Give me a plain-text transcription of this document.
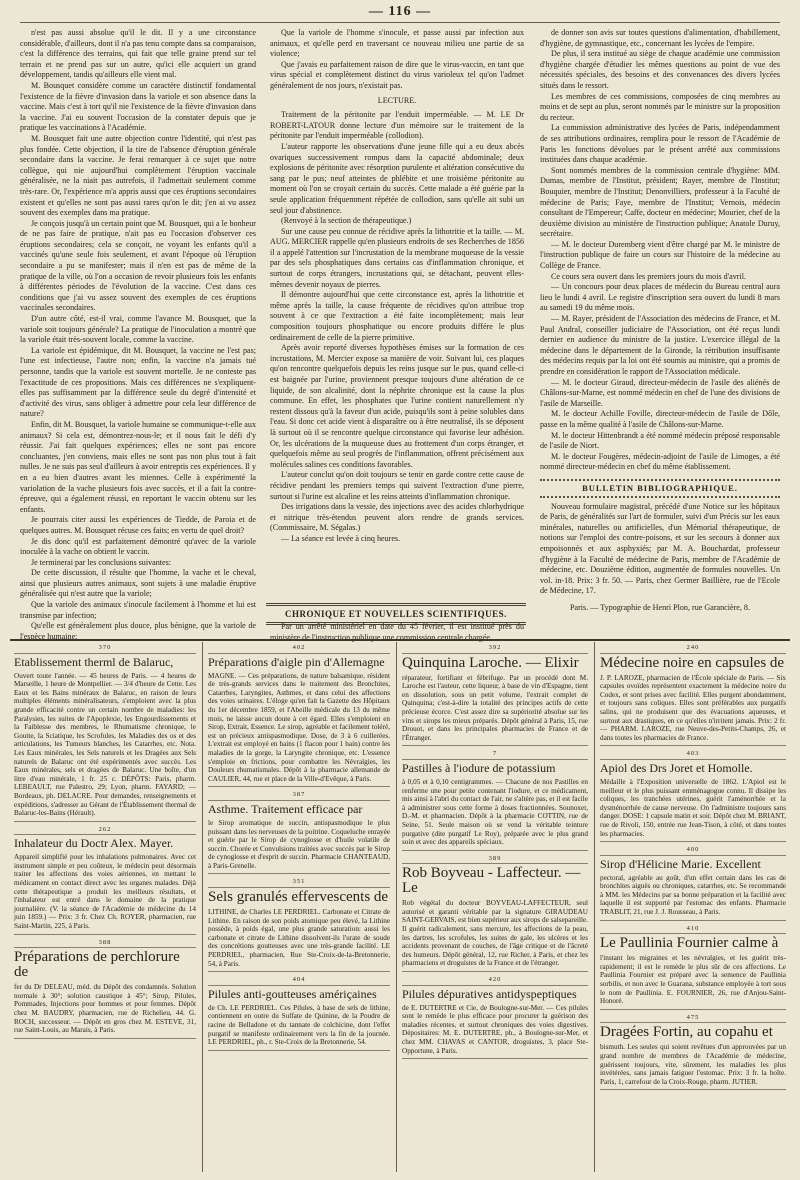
— 116 —

n'est pas aussi absolue qu'il le dit. Il y a une circonstance considérable, d'ailleurs, dont il n'a pas tenu compte dans sa comparaison, c'est la différence des terrains, qui fait que telle graine prend sur tel terrain et ne prend pas sur un autre, qu'ici elle acquiert un grand développement, tandis qu'ailleurs elle vient mal.

M. Bousquet considère comme un caractère distinctif fondamental l'existence de la fièvre d'invasion dans la variole et son absence dans la vaccine. Mais c'est à tort qu'il nie l'existence de la fièvre d'invasion dans la vaccine. J'ai eu souvent l'occasion de la constater depuis que je pratique les vaccinations à l'Académie.

M. Bousquet fait une autre objection contre l'identité, qui n'est pas plus fondée. Cette objection, il la tire de l'absence d'éruption générale secondaire dans la vaccine. Je ferai remarquer à ce sujet que notre collègue, qui nie aujourd'hui complètement l'éruption vaccinale généralisée, ne la niait pas autrefois, il l'admettait seulement comme très-rare. Or, l'expérience m'a appris aussi que ces éruptions secondaires existent et qu'elles ne sont pas aussi rares qu'on le dit; j'en ai vu assez souvent des exemples dans ma pratique.

Je conçois jusqu'à un certain point que M. Bousquet, qui a le bonheur de ne pas faire de pratique, n'ait pas eu l'occasion d'observer ces éruptions secondaires; cela se conçoit, ne voyant les enfants qu'il a vaccinés qu'une seule fois seulement, et avant l'époque où l'éruption secondaire a pu se manifester; mais il n'en est pas de même de la pratique de la ville, où l'on a occasion de revoir plusieurs fois les enfants à différentes périodes de l'évolution de la vaccine. C'est dans ces conditions que j'ai vu assez souvent des exemples de ces éruptions vaccinales secondaires.

D'un autre côté, est-il vrai, comme l'avance M. Bousquet, que la variole soit toujours générale? La pratique de l'inoculation a montré que la variole était très-souvent locale, comme la vaccine.

La variole est épidémique, dit M. Bousquet, la vaccine ne l'est pas; l'une est infectieuse, l'autre non; enfin, la vaccine n'a jamais tué personne, tandis que la variole est souvent mortelle. Je ne conteste pas l'exactitude de ces propositions. Mais ces différences ne s'expliquent-elles pas suffisamment par la différence seule du degré d'intensité et d'activité des virus, sans obliger à admettre pour cela leur différence de nature?

Enfin, dit M. Bousquet, la variole humaine se communique-t-elle aux animaux? Si cela est, démontrez-nous-le; et il nous fait le défi d'y réussir. J'ai fait quelques expériences; elles ne sont pas encore concluantes, j'en conviens, mais elles ne sont pas non plus tout à fait nulles. Je ne suis pas seul d'ailleurs à avoir entrepris ces expériences. Il y en a eu bien d'autres avant les miennes. Celle à expérimenté la variolation de la vache plusieurs fois avec succès, et il a fait la contre-épreuve, qui a également réussi, en reportant le vaccin obtenu sur les enfants.

Je pourrais citer aussi les expériences de Tiedde, de Paroia et de quelques autres. M. Bousquet récuse ces faits; en vertu de quel droit?

Je dis donc qu'il est parfaitement démontré qu'avec de la variole inoculée à la vache on obtient le vaccin.

Je terminerai par les conclusions suivantes:

De cette discussion, il résulte que l'homme, la vache et le cheval, ainsi que plusieurs autres animaux, sont sujets à une maladie éruptive généralisée qui n'est autre que la variole;

Que la variole des animaux s'inocule facilement à l'homme et lui est transmise par infection;

Qu'elle est généralement plus douce, plus bénigne, que la variole de l'espèce humaine;

Que la variole de l'homme s'inocule, et passe aussi par infection aux animaux, et qu'elle perd en traversant ce nouveau milieu une partie de sa violence;

Que j'avais eu parfaitement raison de dire que le virus-vaccin, en tant que virus spécial et complètement distinct du virus varioleux tel qu'on l'admet généralement de nos jours, n'existait pas.

LECTURE.

Traitement de la péritonite par l'enduit imperméable. — M. LE Dr ROBERT-LATOUR donne lecture d'un mémoire sur le traitement de la péritonite par l'enduit imperméable (collodion).

L'auteur rapporte les observations d'une jeune fille qui a eu deux abcès ovariques successivement rompus dans la capacité abdominale; deux explosions de péritonite avec résorption purulente et altération consécutive du sang par le pus; neuf atteintes de phlébite et une troisième péritonite au moment où l'on se croyait certain du succès. Cette malade a été guérie par la seule application fréquemment répétée de collodion, sans qu'elle ait subi un seul jour d'abstinence.

(Renvoyé à la section de thérapeutique.)

Sur une cause peu connue de récidive après la lithotritie et la taille. — M. AUG. MERCIER rappelle qu'en plusieurs endroits de ses Recherches de 1856 il a appelé l'attention sur l'incrustation de la membrane muqueuse de la vessie par des sels phosphatiques dans certains cas d'inflammation chronique, et surtout de corps étrangers, incrustations qui, se détachant, peuvent elles-mêmes devenir noyaux de pierres.

Il démontre aujourd'hui que cette circonstance est, après la lithotritie et même après la taille, la cause fréquente de récidives qu'on attribue trop souvent à ce que l'extraction a été faite incomplètement; mais leur composition toujours phosphatique ou encore produits différe le plus ordinairement de celle de la pierre primitive.

Après avoir reporté diverses hypothèses émises sur la formation de ces incrustations, M. Mercier expose sa manière de voir. Suivant lui, ces plaques qu'on rencontre quelquefois depuis les reins jusque sur le pus, quand celle-ci est baignée par l'urine, proviennent presque toujours d'une altération de ce liquide, de son alcalinité, dont la néphrite chronique est la cause la plus commune. En effet, les phosphates que l'urine contient naturellement n'y restent dissous qu'à la faveur d'un acide, puisqu'ils sont à peine solubles dans l'eau. Si donc cet acide vient à disparaître ou à être neutralisé, ils se déposent là surtout où il se rencontre quelque circonstance qui favorise leur adhésion. Or, les ulcérations de la muqueuse dues au frottement d'un corps étranger, et quelquefois même au seul progrès de l'inflammation, offrent précisément aux molécules salines ces conditions favorables.

L'auteur conclut qu'on doit toujours se tenir en garde contre cette cause de récidive pendant les premiers temps qui suivent l'extraction d'une pierre, surtout si l'urine est alcaline et les reins atteints d'inflammation chronique.

Des irrigations dans la vessie, des injections avec des acides chlorhydrique et nitrique très-étendus peuvent alors rendre de grands services. (Commissaire, M. Ségalas.)

— La séance est levée à cinq heures.

CHRONIQUE ET NOUVELLES SCIENTIFIQUES.

Par un arrêté ministériel en date du 45 février, il est institué près du ministère de l'instruction publique une commission centrale chargée

de donner son avis sur toutes questions d'alimentation, d'habillement, d'hygiène, de gymnastique, etc., concernant les lycées de l'empire.

De plus, il sera institué au siège de chaque académie une commission d'hygiène chargée d'étudier les mêmes questions au point de vue des nécessités spéciales, des besoins et des convenances des divers lycées situés dans le ressort.

Les membres de ces commissions, composées de cinq membres au moins et de sept au plus, seront nommés par le ministre sur la proposition du recteur.

La commission administrative des lycées de Paris, indépendamment de ses attributions ordinaires, remplira pour le ressort de l'Académie de Paris les fonctions dévolues par le présent arrêté aux commissions instituées dans chaque académie.

Sont nommés membres de la commission centrale d'hygiène: MM. Dumas, membre de l'Institut, président; Rayer, membre de l'Institut; Bouquier, membre de l'Institut; Denonvilliers, professeur à la Faculté de médecine de Paris; Faye, membre de l'Institut; Vernois, médecin consultant de l'Empereur; Caffe, docteur en médecine; Mourier, chef de la deuxième division au ministère de l'instruction publique; Anatole Duruy, secrétaire.

— M. le docteur Duremberg vient d'être chargé par M. le ministre de l'instruction publique de faire un cours sur l'histoire de la médecine au Collège de France.

Ce cours sera ouvert dans les premiers jours du mois d'avril.

— Un concours pour deux places de médecin du Bureau central aura lieu le lundi 4 avril. Le registre d'inscription sera ouvert du lundi 8 mars au samedi 19 du même mois.

— M. Rayer, président de l'Association des médecins de France, et M. Paul Andral, conseiller judiciaire de l'Association, ont été reçus lundi dernier en audience du ministre de la justice. L'exercice illégal de la médecine dans le département de la Gironde, la rétribution insuffisante des médecins requis par la loi ont été soumis au ministre, qui a promis de prendre en considération le rapport de l'Association médicale.

— M. le docteur Giraud, directeur-médecin de l'asile des aliénés de Châlons-sur-Marne, est nommé médecin en chef de l'une des divisions de l'asile de Marseille.

M. le docteur Achille Foville, directeur-médecin de l'asile de Dôle, passe en la même qualité à l'asile de Châlons-sur-Marne.

M. le docteur Hittenbrandt a été nommé médecin préposé responsable de l'asile de Niort.

M. le docteur Fougères, médecin-adjoint de l'asile de Limoges, a été nommé directeur-médecin en chef du même établissement.

BULLETIN BIBLIOGRAPHIQUE.

Nouveau formulaire magistral, précédé d'une Notice sur les hôpitaux de Paris, de généralités sur l'art de formuler, suivi d'un Précis sur les eaux minérales, naturelles ou artificielles, d'un Mémorial thérapeutique, de notions sur l'emploi des contre-poisons, et sur les secours à donner aux empoisonnés et aux asphyxiés; par M. A. Bouchardat, professeur d'hygiène à la Faculté de médecine de Paris, membre de l'Académie de médecine, etc. Douzième édition, augmentée de formules nouvelles. Un vol. in-18. Prix: 3 fr. 50. — Paris, chez Germer Baillière, rue de l'Ecole de Médecine, 17.

Paris. — Typographie de Henri Plon, rue Garancière, 8.

370
Etablissement therml de Balaruc,
Ouvert toute l'année. — 45 heures de Paris. — 4 heures de Marseille, 1 heure de Montpellier. — 3/4 d'heure de Cette. Les Eaux et les Bains minéraux de Balaruc, en raison de leurs multiples éléments minéralisateurs, s'emploient avec la plus grande efficacité contre un certain nombre de maladies: les Paralysies, les suites de l'Apoplexie, les Engourdissements et la Faiblesse des membres, le Rhumatisme chronique, le Goutte, la Sciatique, les Scrofules, les Maladies des os et des articulations, les Tumeurs blanches, les Catarrhes, etc. Nota. Les Eaux minérales, les Sels naturels et les Dragées aux Sels naturels de Balaruc ont été expérimentés avec succès. Les Eaux minérales, sels et dragées de Balaruc. Une boîte, d'un litre d'eau minérale, 1 fr. 25 c. DÉPÔTS: Paris, pharm. LEBEAULT, rue Palestro, 29; Lyon, pharm. FAYARD; — Bordeaux, ph. DELACRE. Pour demandes, renseignements et expéditions, s'adresser au Gérant de l'Établissement thermal de Balaruc-les-Bains (Hérault).
262
Inhalateur du Doctr Alex. Mayer.
Appareil simplifié pour les inhalations pulmonaires. Avec cet instrument simple et peu coûteux, le médecin peut désormais traiter les affections des voies aériennes, en mettant le médicament en contact direct avec les organes malades. Déjà cette thérapeutique a produit les meilleurs résultats, et l'inhalateur est entré dans le domaine de la pratique journalière. (V. la séance de l'Académie de médecine du 14 juin 1859.) — Prix: 3 fr. Chez Ch. ROYER, pharmacien, rue Saint-Martin, 225, à Paris.
388
Préparations de perchlorure de
fer du Dr DELEAU, méd. du Dépôt des condamnés. Solution normale à 30°; solution caustique à 45°; Sirop, Pilules, Pommades, Injections pour hommes et pour femmes. Dépôt chez M. BAUDRY, pharmacien, rue de Richelieu, 44. G. ROCH, successeur. — Dépôt en gros chez M. ESTEVE, 31, rue Saint-Louis, au Marais, à Paris.
402
Préparations d'aigle pin d'Allemagne
MAGNE. — Ces préparations, de nature balsamique, résident de très-grands services dans le traitement des Bronchites, Catarrhes, Laryngites, Asthmes, et dans celui des affections des voies urinaires. L'éloge qu'en fait la Gazette des Hôpitaux du 1er décembre 1859, et l'Abeille médicale du 13 du même mois, ne laisse aucun doute à cet égard. Elles s'emploient en Sirop, Extrait, Essence. Le sirop, agréable et facilement toléré, est un précieux antispasmodique. Dose, de 3 à 6 cuillerées. L'extrait est employé en bains (1 flacon pour 1 bain) contre les maladies de la gorge, la Laryngite chronique, etc. L'essence s'emploie en frictions, pour combattre les Névralgies, les Douleurs rhumatismales. Dépôt à la pharmacie allemande de CAULIER, 44, rue et place de la Ville-d'Evêque, à Paris.
387
Asthme. Traitement efficace par
le Sirop aromatique de succin, antispasmodique le plus puissant dans les nerveuses de la poitrine. Coqueluche enrayée et guérie par le Sirop de cynoglosse et d'huile volatile de succin. Chorée et Convulsions traitées avec succès par le Sirop de cynoglosse et d'esprit de succin. Pharmacie CHANTEAUD, à Paris-Grenelle.
351
Sels granulés effervescents de
LITHINE, de Charles LE PERDRIEL. Carbonate et Citrate de Lithine. En raison de son poids atomique peu élevé, la Lithine possède, à poids égal, une plus grande saturation: aussi les carbonate et citrate de Lithine dissolvent-ils l'urate de soude des concrétions goutteuses avec une très-grande facilité. LE PERDRIEL, pharmacien, Rue Ste-Croix-de-la-Bretonnerie, 54, à Paris.
404
Pilules anti-goutteuses amériçaines
de Ch. LE PERDRIEL. Ces Pilules, à base de sels de lithine, contiennent en outre du Sulfate de Quinine, de la Poudre de racine de Belladone et du tannate de colchicine, dont l'effet purgatif se manifeste ordinairement vers la fin de la journée. LE PERDRIEL, ph., r. Ste-Croix de la Bretonnerie, 54.
392
Quinquina Laroche. — Elixir
réparateur, fortifiant et fébrifuge. Par un procédé dont M. Laroche est l'auteur, cette liqueur, à base de vin d'Espagne, tient en dissolution, sous un petit volume, l'extrait complet de Quinquina; c'est-à-dire la totalité des principes actifs de cette précieuse écorce. C'est assez dire sa supériorité absolue sur les vins et sirops les mieux préparés. Dépôt général à Paris, 15, rue Drouot, et dans les principales pharmacies de France et de l'Étranger.
7
Pastilles à l'iodure de potassium
à 0,05 et à 0,10 centigrammes. — Chacune de nos Pastilles en renferme une pour petite contenant l'iodure, et ce médicament, mis ainsi à l'abri du contact de l'air, ne s'altère pas, et il est facile à administrer sous cette forme à doses fractionnées. Sounoxet, D.-M. et pharmacien. Dépôt à la pharmacie COTTIN, rue de Seine, 51. Seule maison où se vend la véritable teinture purgative (dite purgatif Le Roy), préparée avec le plus grand soin et avec des appareils spéciaux.
389
Rob Boyveau - Laffecteur. — Le
Rob végétal du docteur BOYVEAU-LAFFECTEUR, seul autorisé et garanti véritable par la signature GIRAUDEAU SAINT-GERVAIS, est bien supérieur aux sirops de salsepareille. Il guérit radicalement, sans mercure, les affections de la peau, les dartres, les scrofules, les suites de gale, les ulcères et les accidents provenant de couches, de l'âge critique et de l'âcreté des humeurs. Dépôt général, 12, rue Richer, à Paris, et chez les pharmaciens et droguistes de la France et de l'étranger.
420
Pilules dépuratives antidyspeptiques
de E. DUTERTRE et Cie, de Boulogne-sur-Mer. — Ces pilules sont le remède le plus efficace pour procurer la guérison des maladies récentes, et surtout chroniques des voies digestives. Dépositaires: M. E. DUTERTRE, ph., à Boulogne-sur-Mer, et chez MM. CHAVAS et CANTOR, droguistes, 3, place Ste-Opportune, à Paris.
240
Médecine noire en capsules de
J. P. LAROZE, pharmacien de l'École spéciale de Paris. — Six capsules ovoïdes représentent exactement la médecine noire du Codex, et sont prises avec facilité. Elles purgent abondamment, et toujours sans coliques. Elles sont préférables aux purgatifs salins, qui ne produisent que des évacuations aqueuses, et surtout aux drastiques, en ce qu'elles n'irritent jamais. Prix: 2 fr. — PHARM. LAROZE, rue Neuve-des-Petits-Champs, 26, et dans toutes les pharmacies de France.
403
Apiol des Drs Joret et Homolle.
Médaille à l'Exposition universelle de 1862. L'Apiol est le meilleur et le plus puissant emménagogue connu. Il dissipe les coliques, les tranchées utérines, guérit l'aménorrhée et la dysménorrhée de cause nerveuse. On l'administre toujours sans danger. DOSE: 1 capsule matin et soir. Dépôt chez M. BRIANT, rue de Rivoli, 150, entrée rue Jean-Tison, à côté, et dans toutes les pharmacies.
400
Sirop d'Hélicine Marie. Excellent
pectoral, agréable au goût, d'un effet certain dans les cas de bronchites aiguës ou chroniques, catarrhes, etc. Se recommande à MM. les Médecins par sa bonne préparation et la facilité avec laquelle il est supporté par l'estomac des enfants. Pharmacie TRABLIT, 21, rue J. J. Rousseau, à Paris.
410
Le Paullinia Fournier calme à
l'instant les migraines et les névralgies, et les guérit très-rapidement; il est le remède le plus sûr de ces affections. Le Paullinia Fournier est préparé avec la semence de Paullinia sorbilis, et non avec le Guarana, substance employée à tort sous le nom de Paullinia. E. FOURNIER, 26, rue d'Anjou-Saint-Honoré.
475
Dragées Fortin, au copahu et
bismuth. Les seules qui soient revêtues d'un approuvées par un grand nombre de membres de l'Académie de médecine, guérissent toujours, vite, sûrement, les maladies les plus invétérées, sans jamais fatiguer l'estomac. Prix: 3 fr. la boîte. Paris, 1, carrefour de la Croix-Rouge, pharm. JUTIER.
